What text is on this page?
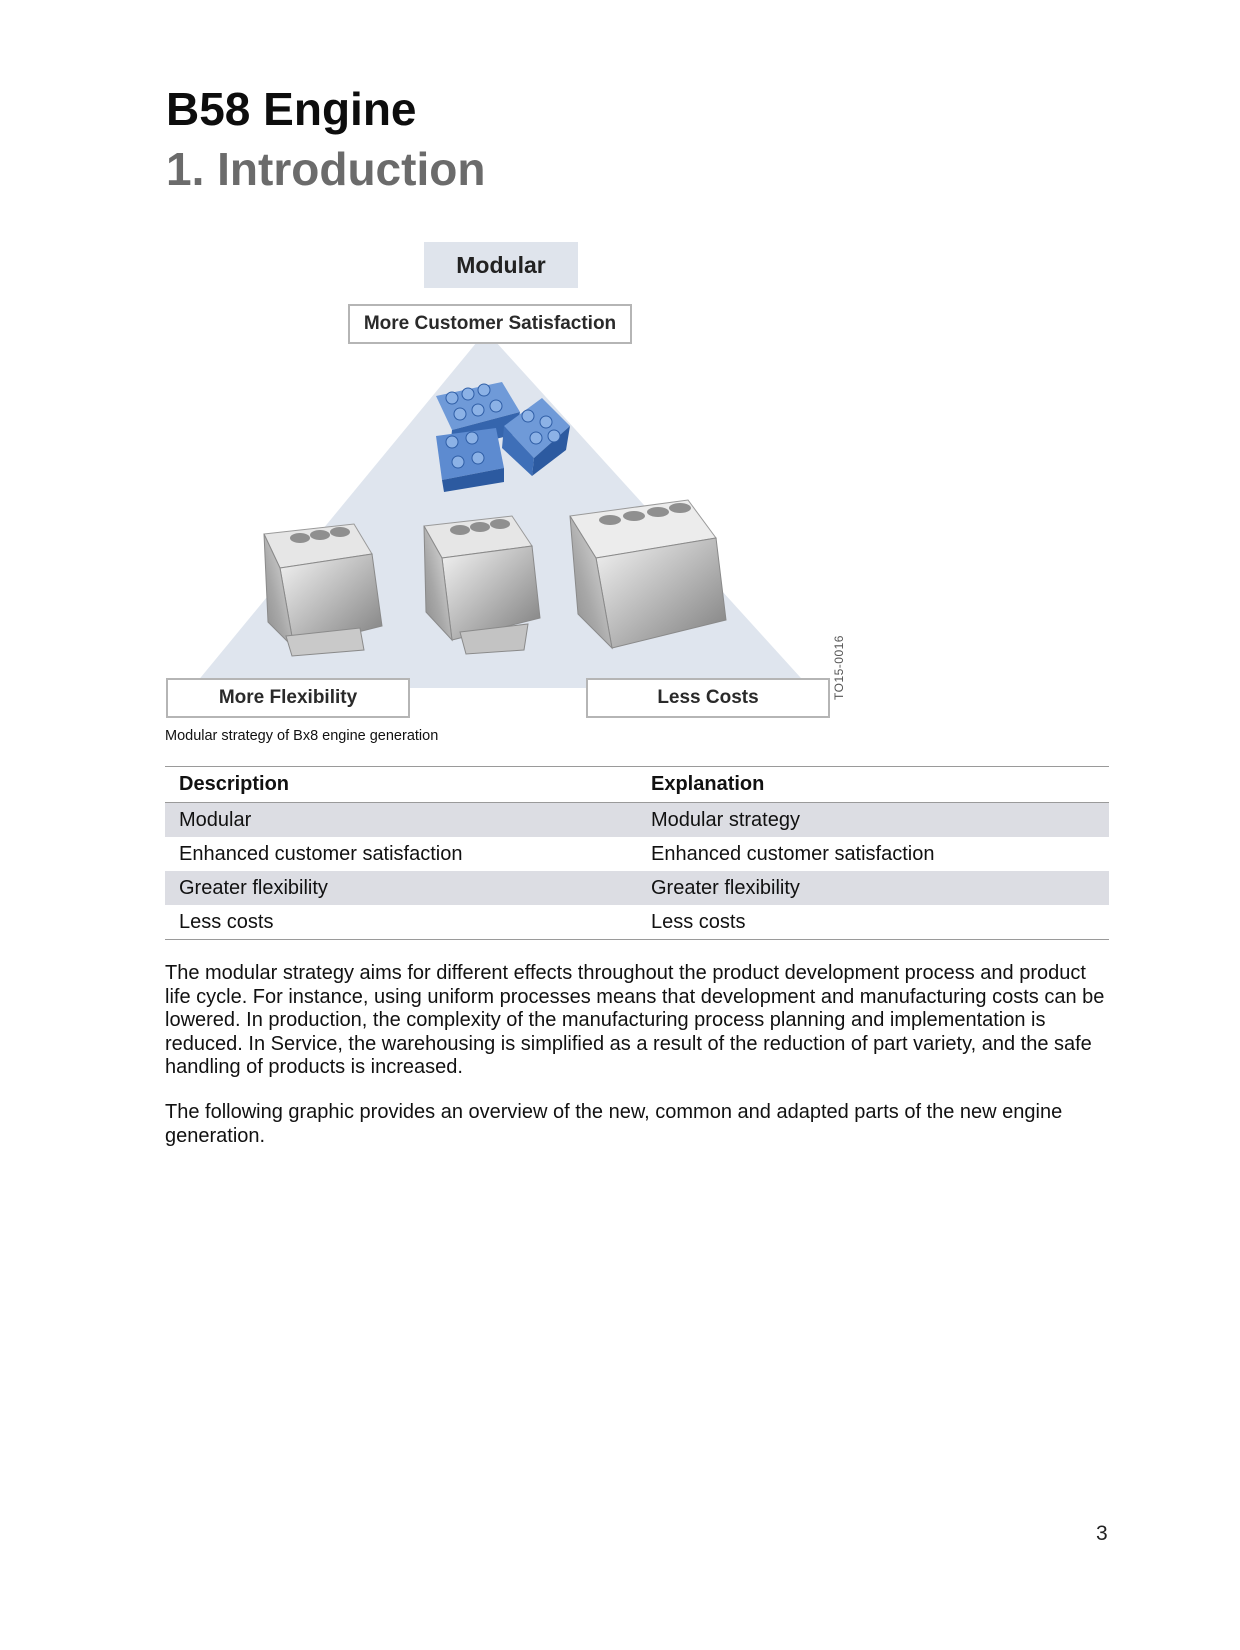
B58 Engine
1. Introduction
Modular
More Customer Satisfaction
More Flexibility	Less Costs	TO15-0016
Modular strategy of Bx8 engine generation
Description	Explanation
Modular	Modular strategy
Enhanced customer satisfaction	Enhanced customer satisfaction
Greater flexibility	Greater flexibility
Less costs	Less costs

The modular strategy aims for different effects throughout the product development process and product life cycle. For instance, using uniform processes means that development and manufacturing costs can be lowered. In production, the complexity of the manufacturing process planning and implementation is reduced. In Service, the warehousing is simplified as a result of the reduction of part variety, and the safe handling of products is increased.

The following graphic provides an overview of the new, common and adapted parts of the new engine generation.

3
